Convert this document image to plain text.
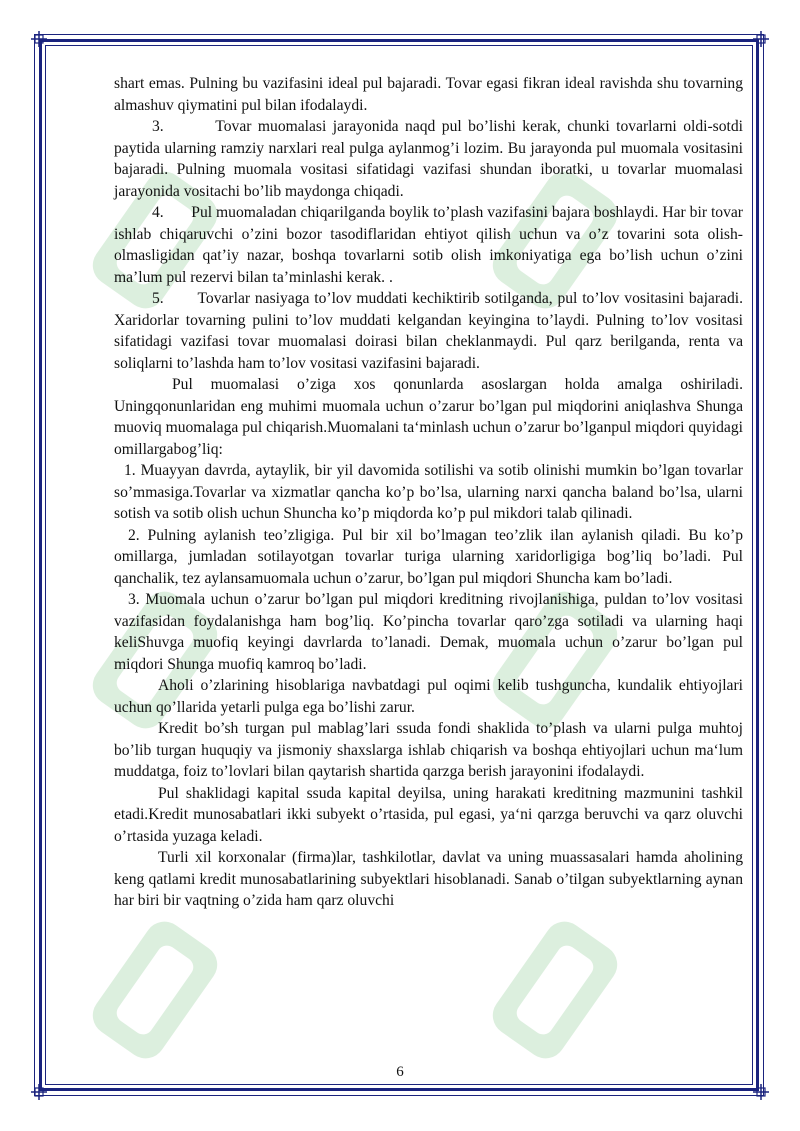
shart emas. Pulning bu vazifasini ideal pul bajaradi. Tovar egasi fikran ideal ravishda shu tovarning almashuv qiymatini pul bilan ifodalaydi.

3.        Tovar muomalasi jarayonida naqd pul bo’lishi kerak, chunki tovarlarni oldi-sotdi paytida ularning ramziy narxlari real pulga aylanmog’i lozim. Bu jarayonda pul muomala vositasini bajaradi. Pulning muomala vositasi sifatidagi vazifasi shundan iboratki, u tovarlar muomalasi jarayonida vositachi bo’lib maydonga chiqadi.

4.       Pul muomaladan chiqarilganda boylik to’plash vazifasini bajara boshlaydi. Har bir tovar ishlab chiqaruvchi o’zini bozor tasodiflaridan ehtiyot qilish uchun va o’z tovarini sota olish- olmasligidan qat’iy nazar, boshqa tovarlarni sotib olish imkoniyatiga ega bo’lish uchun o’zini ma’lum pul rezervi bilan ta’minlashi kerak. .

5.       Tovarlar nasiyaga to’lov muddati kechiktirib sotilganda, pul to’lov vositasini bajaradi. Xaridorlar tovarning pulini to’lov muddati kelgandan keyingina to’laydi. Pulning to’lov vositasi sifatidagi vazifasi tovar muomalasi doirasi bilan cheklanmaydi. Pul qarz berilganda, renta va soliqlarni to’lashda ham to’lov vositasi vazifasini bajaradi.

Pul muomalasi o’ziga xos qonunlarda asoslargan holda amalga oshiriladi. Uningqonunlaridan eng muhimi muomala uchun o’zarur bo’lgan pul miqdorini aniqlashva Shunga muoviq muomalaga pul chiqarish.Muomalani ta‘minlash uchun o’zarur bo’lganpul miqdori quyidagi omillargabog’liq:

1. Muayyan davrda, aytaylik, bir yil davomida sotilishi va sotib olinishi mumkin bo’lgan tovarlar so’mmasiga.Tovarlar va xizmatlar qancha ko’p bo’lsa, ularning narxi qancha baland bo’lsa, ularni sotish va sotib olish uchun Shuncha ko’p miqdorda ko’p pul mikdori talab qilinadi.

2. Pulning aylanish teo’zligiga. Pul bir xil bo’lmagan teo’zlik ilan aylanish qiladi. Bu ko’p omillarga, jumladan sotilayotgan tovarlar turiga ularning xaridorligiga bog’liq bo’ladi. Pul qanchalik, tez aylansamuomala uchun o’zarur, bo’lgan pul miqdori Shuncha kam bo’ladi.

3. Muomala uchun o’zarur bo’lgan pul miqdori kreditning rivojlanishiga, puldan to’lov vositasi vazifasidan foydalanishga ham bog’liq. Ko’pincha tovarlar qaro’zga sotiladi va ularning haqi keliShuvga muofiq keyingi davrlarda to’lanadi. Demak, muomala uchun o’zarur bo’lgan pul miqdori Shunga muofiq kamroq bo’ladi.

Aholi o’zlarining hisoblariga navbatdagi pul oqimi kelib tushguncha, kundalik ehtiyojlari uchun qo’llarida yetarli pulga ega bo’lishi zarur.

Kredit bo’sh turgan pul mablag’lari ssuda fondi shaklida to’plash va ularni pulga muhtoj bo’lib turgan huquqiy va jismoniy shaxslarga ishlab chiqarish va boshqa ehtiyojlari uchun ma‘lum muddatga, foiz to’lovlari bilan qaytarish shartida qarzga berish jarayonini ifodalaydi.

Pul shaklidagi kapital ssuda kapital deyilsa, uning harakati kreditning mazmunini tashkil etadi.Kredit munosabatlari ikki subyekt o’rtasida, pul egasi, ya‘ni qarzga beruvchi va qarz oluvchi o’rtasida yuzaga keladi.

Turli xil korxonalar (firma)lar, tashkilotlar, davlat va uning muassasalari hamda aholining keng qatlami kredit munosabatlarining subyektlari hisoblanadi. Sanab o’tilgan subyektlarning aynan har biri bir vaqtning o’zida ham qarz oluvchi

6
